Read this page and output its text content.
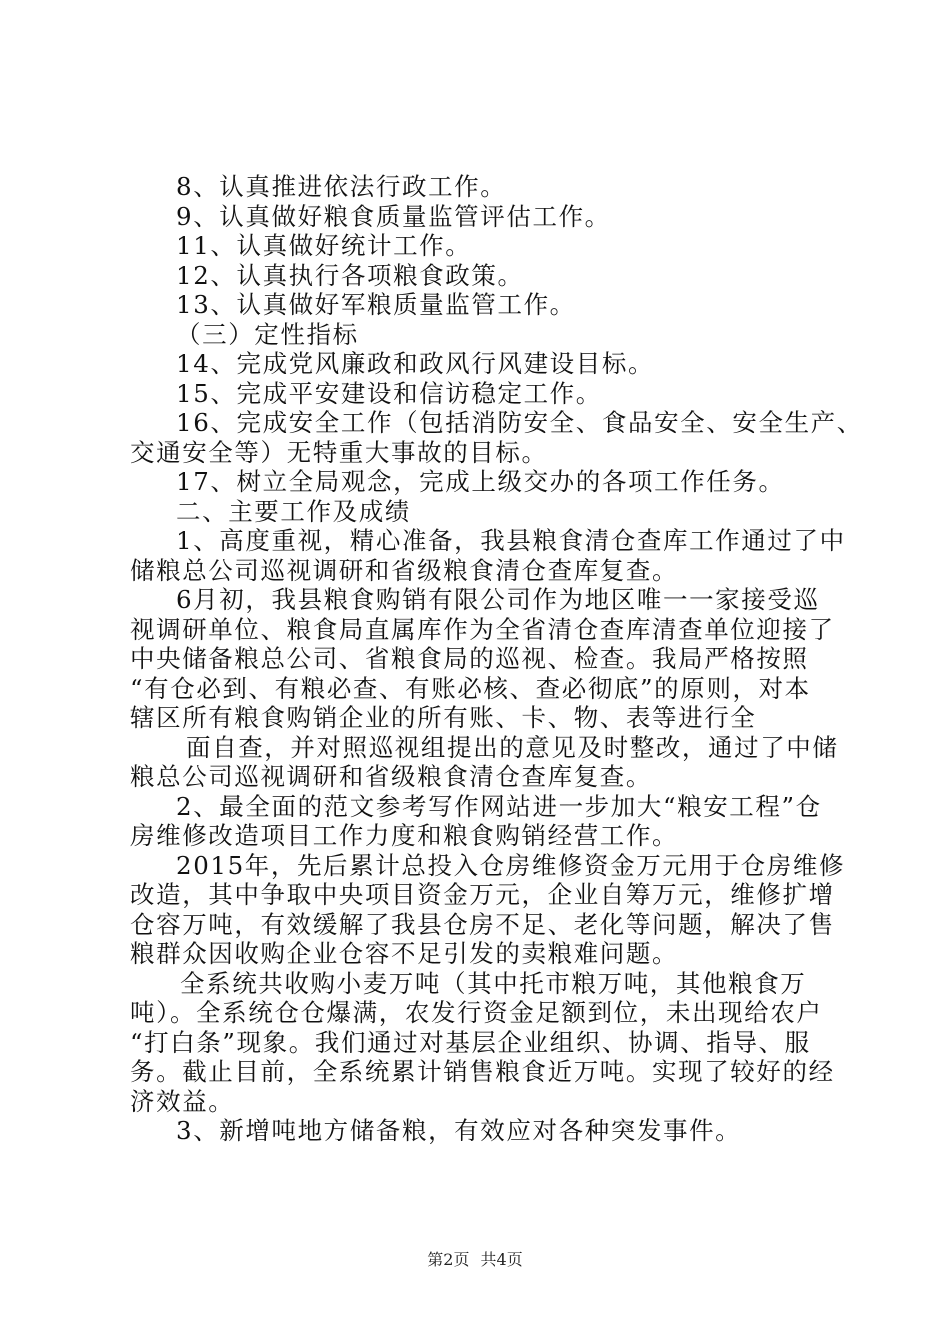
8、认真推进依法行政工作。
9、认真做好粮食质量监管评估工作。
11、认真做好统计工作。
12、认真执行各项粮食政策。
13、认真做好军粮质量监管工作。
（三）定性指标
14、完成党风廉政和政风行风建设目标。
15、完成平安建设和信访稳定工作。
16、完成安全工作（包括消防安全、食品安全、安全生产、
交通安全等）无特重大事故的目标。
17、树立全局观念，完成上级交办的各项工作任务。
二、主要工作及成绩
1、高度重视，精心准备，我县粮食清仓查库工作通过了中
储粮总公司巡视调研和省级粮食清仓查库复查。
6月初，我县粮食购销有限公司作为地区唯一一家接受巡
视调研单位、粮食局直属库作为全省清仓查库清查单位迎接了
中央储备粮总公司、省粮食局的巡视、检查。我局严格按照
“有仓必到、有粮必查、有账必核、查必彻底”的原则，对本
辖区所有粮食购销企业的所有账、卡、物、表等进行全
面自查，并对照巡视组提出的意见及时整改，通过了中储
粮总公司巡视调研和省级粮食清仓查库复查。
2、最全面的范文参考写作网站进一步加大“粮安工程”仓
房维修改造项目工作力度和粮食购销经营工作。
2015年，先后累计总投入仓房维修资金万元用于仓房维修
改造，其中争取中央项目资金万元，企业自筹万元，维修扩增
仓容万吨，有效缓解了我县仓房不足、老化等问题，解决了售
粮群众因收购企业仓容不足引发的卖粮难问题。
全系统共收购小麦万吨（其中托市粮万吨，其他粮食万
吨）。全系统仓仓爆满，农发行资金足额到位，未出现给农户
“打白条”现象。我们通过对基层企业组织、协调、指导、服
务。截止目前，全系统累计销售粮食近万吨。实现了较好的经
济效益。
3、新增吨地方储备粮，有效应对各种突发事件。
第2页 共4页
